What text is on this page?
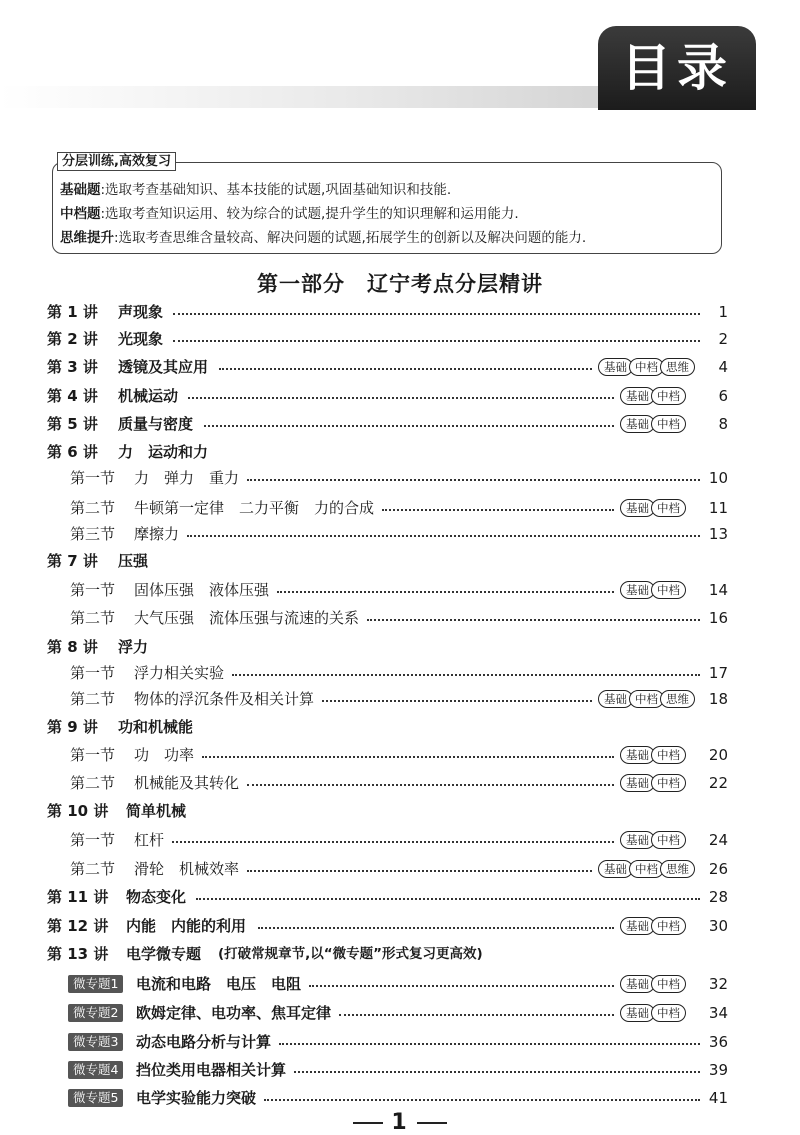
目录
分层训练,高效复习
基础题:选取考查基础知识、基本技能的试题,巩固基础知识和技能.
中档题:选取考查知识运用、较为综合的试题,提升学生的知识理解和运用能力.
思维提升:选取考查思维含量较高、解决问题的试题,拓展学生的创新以及解决问题的能力.
第一部分　辽宁考点分层精讲
第 1 讲 声现象	1
第 2 讲 光现象	2
第 3 讲 透镜及其应用	基础 中档 思维	4
第 4 讲 机械运动	基础 中档	6
第 5 讲 质量与密度	基础 中档	8
第 6 讲 力　运动和力
第一节 力　弹力　重力	10
第二节 牛顿第一定律　二力平衡　力的合成	基础 中档	11
第三节 摩擦力	13
第 7 讲 压强
第一节 固体压强　液体压强	基础 中档	14
第二节 大气压强　流体压强与流速的关系	16
第 8 讲 浮力
第一节 浮力相关实验	17
第二节 物体的浮沉条件及相关计算	基础 中档 思维	18
第 9 讲 功和机械能
第一节 功　功率	基础 中档	20
第二节 机械能及其转化	基础 中档	22
第 10 讲 简单机械
第一节 杠杆	基础 中档	24
第二节 滑轮　机械效率	基础 中档 思维	26
第 11 讲 物态变化	28
第 12 讲 内能　内能的利用	基础 中档	30
第 13 讲 电学微专题 (打破常规章节,以“微专题”形式复习更高效)
微专题1	电流和电路　电压　电阻	基础 中档	32
微专题2	欧姆定律、电功率、焦耳定律	基础 中档	34
微专题3	动态电路分析与计算	36
微专题4	挡位类用电器相关计算	39
微专题5	电学实验能力突破	41
1
